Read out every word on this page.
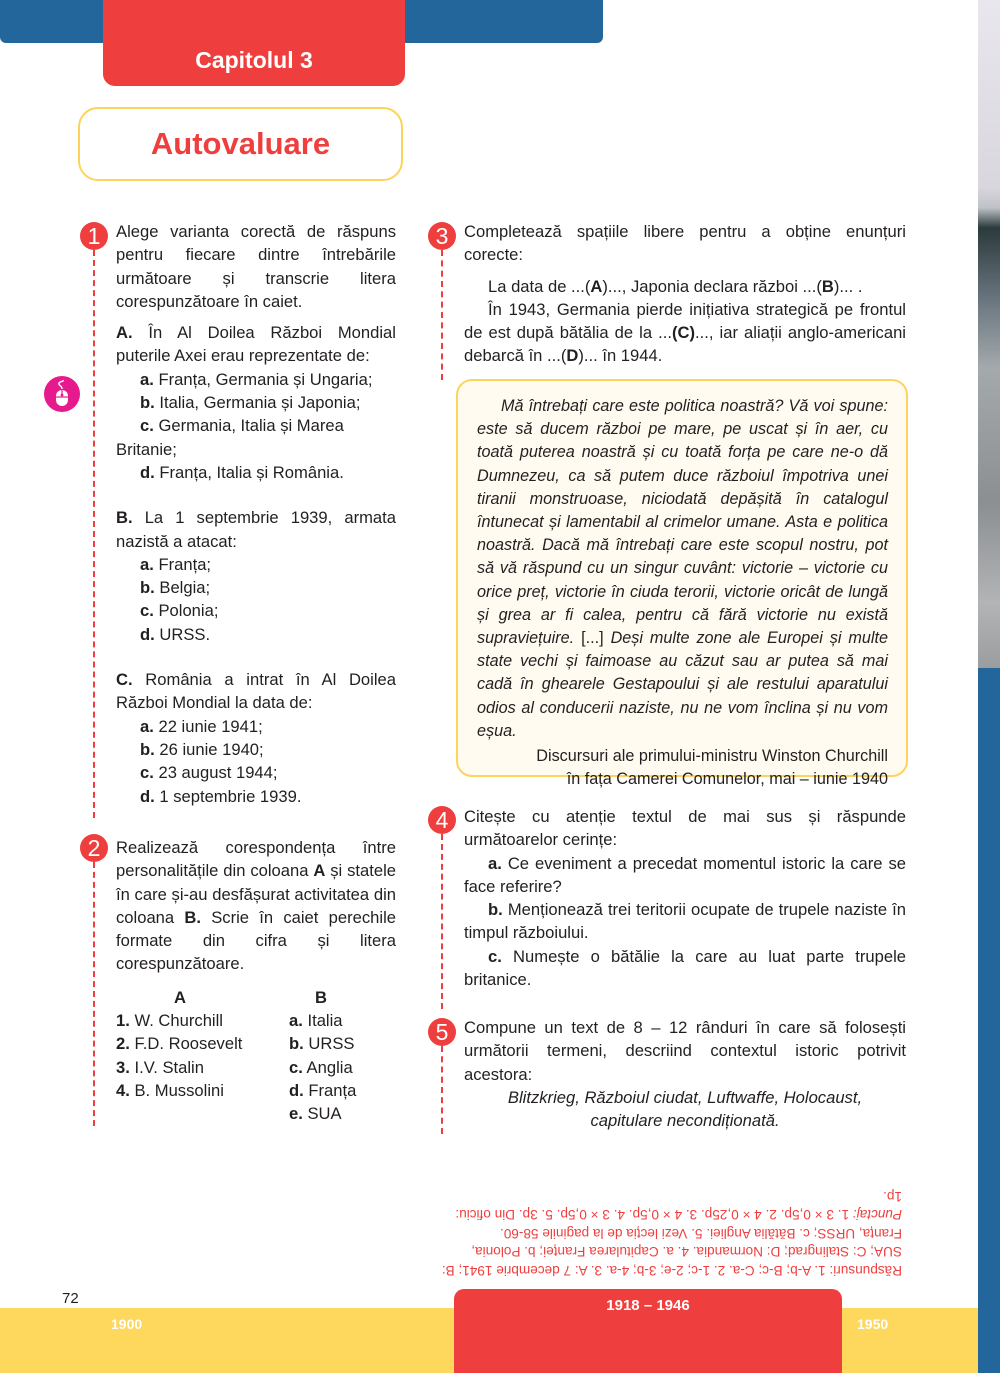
Capitolul 3
Autovaluare
1 Alege varianta corectă de răspuns pentru fiecare dintre întrebările următoare și transcrie litera corespunzătoare în caiet.

A. În Al Doilea Război Mondial puterile Axei erau reprezentate de:

a. Franța, Germania și Ungaria;

b. Italia, Germania și Japonia;

c. Germania, Italia și Marea Britanie;

d. Franța, Italia și România.

B. La 1 septembrie 1939, armata nazistă a atacat:

a. Franța;

b. Belgia;

c. Polonia;

d. URSS.

C. România a intrat în Al Doilea Război Mondial la data de:

a. 22 iunie 1941;

b. 26 iunie 1940;

c. 23 august 1944;

d. 1 septembrie 1939.

2 Realizează corespondența între personalitățile din coloana A și statele în care și-au desfășurat activitatea din coloana B. Scrie în caiet perechile formate din cifra și litera corespunzătoare.

A	B
1. W. Churchill	a. Italia
2. F.D. Roosevelt	b. URSS
3. I.V. Stalin	c. Anglia
4. B. Mussolini	d. Franța
e. SUA
3 Completează spațiile libere pentru a obține enunțuri corecte:

La data de ...(A)..., Japonia declara război ...(B)... .

În 1943, Germania pierde inițiativa strategică pe frontul de est după bătălia de la ...(C)..., iar aliații anglo-americani debarcă în ...(D)... în 1944.

Mă întrebați care este politica noastră? Vă voi spune: este să ducem război pe mare, pe uscat și în aer, cu toată puterea noastră și cu toată forța pe care ne-o dă Dumnezeu, ca să putem duce războiul împotriva unei tiranii monstruoase, niciodată depășită în catalogul întunecat și lamentabil al crimelor umane. Asta e politica noastră. Dacă mă întrebați care este scopul nostru, pot să vă răspund cu un singur cuvânt: victorie – victorie cu orice preț, victorie în ciuda terorii, victorie oricât de lungă și grea ar fi calea, pentru că fără victorie nu există supraviețuire. [...] Deși multe zone ale Europei și multe state vechi și faimoase au căzut sau ar putea să mai cadă în ghearele Gestapoului și ale restului aparatului odios al conducerii naziste, nu ne vom înclina și nu vom eșua.

Discursuri ale primului-ministru Winston Churchill
în fața Camerei Comunelor, mai – iunie 1940

4 Citește cu atenție textul de mai sus și răspunde următoarelor cerințe:

a. Ce eveniment a precedat momentul istoric la care se face referire?

b. Menționează trei teritorii ocupate de trupele naziste în timpul războiului.

c. Numește o bătălie la care au luat parte trupele britanice.

5 Compune un text de 8 – 12 rânduri în care să folosești următorii termeni, descriind contextul istoric potrivit acestora:

Blitzkrieg, Războiul ciudat, Luftwaffe, Holocaust,
capitulare necondiționată.

Răspunsuri: 1. A-b; B-c; C-a. 2. 1-c; 2-e; 3-b; 4-a. 3. A: 7 decembrie 1941; B: SUA; C: Stalingrad; D: Normandia. 4. a. Capitularea Franței; b. Polonia, Franța, URSS; c. Bătălia Angliei. 5. Vezi lecția de la paginile 58-60.

Punctaj: 1. 3 × 0,5p. 2. 4 × 0,25p. 3. 4 × 0,5p. 4. 3 × 0,5p. 5. 3p. Din oficiu: 1p.

72
1900	1950
1918 – 1946
